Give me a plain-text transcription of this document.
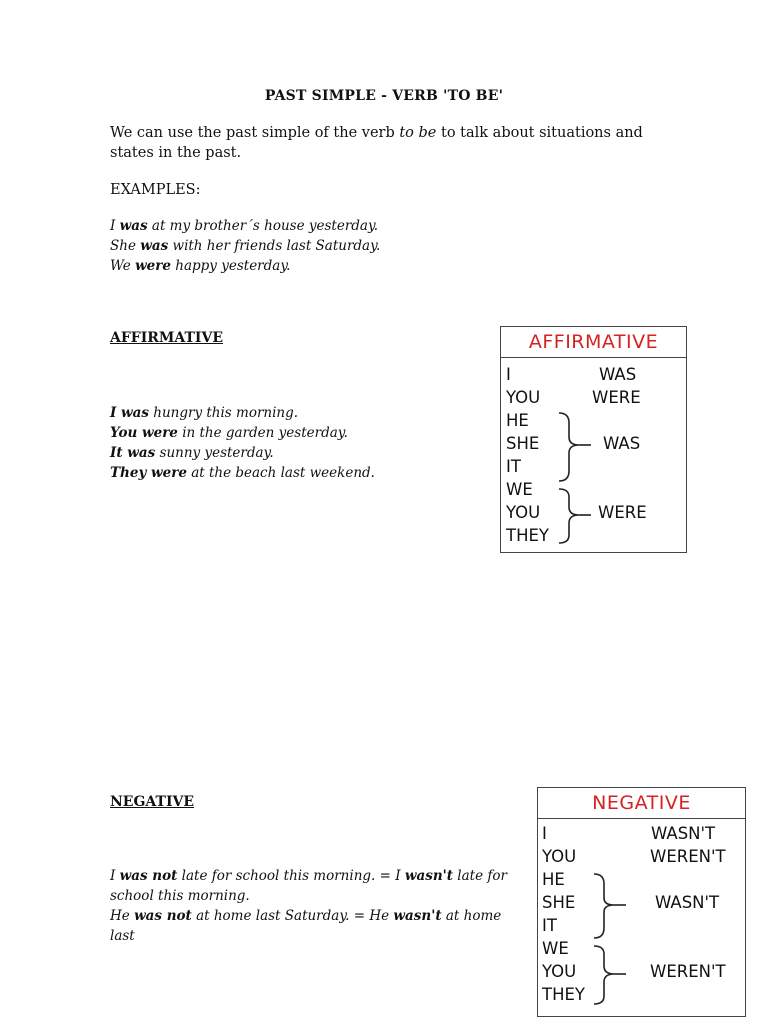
PAST SIMPLE - VERB 'TO BE'
We can use the past simple of the verb to be to talk about situations and states in the past.
EXAMPLES:
I was at my brother´s house yesterday.
She was with her friends last Saturday.
We were happy yesterday.
AFFIRMATIVE
I was hungry this morning.
You were in the garden yesterday.
It was sunny yesterday.
They were at the beach last weekend.
AFFIRMATIVE
I
YOU
HE
SHE
IT
WE
YOU
THEY
WAS
WERE
WAS
WERE
NEGATIVE
I was not late for school this morning. = I wasn't late for school this morning.
He was not at home last Saturday. = He wasn't at home last
NEGATIVE
I
YOU
HE
SHE
IT
WE
YOU
THEY
WASN'T
WEREN'T
WASN'T
WEREN'T
